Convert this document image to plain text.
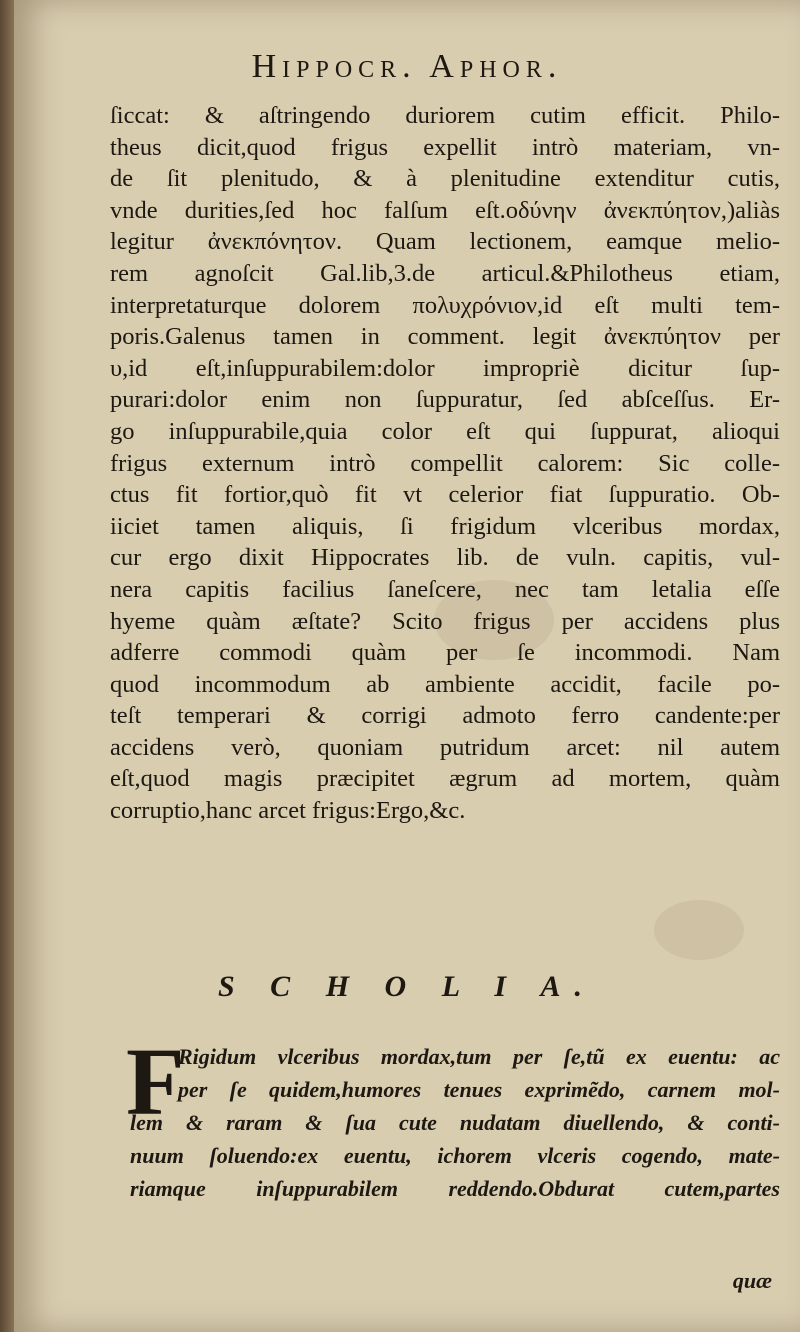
Hippocr. Aphor.
ſiccat: & aſtringendo duriorem cutim efficit. Philo-
theus dicit,quod frigus expellit intrò materiam, vn-
de ſit plenitudo, & à plenitudine extenditur cutis,
vnde durities,ſed hoc falſum eſt.οδύνην ἀνεκπύητον,)aliàs
legitur ἀνεκπόνητον. Quam lectionem, eamque melio-
rem agnoſcit Gal.lib,3.de articul.&Philotheus etiam,
interpretaturque dolorem πολυχρόνιον,id eſt multi tem-
poris.Galenus tamen in comment. legit ἀνεκπύητον per
υ,id eſt,inſuppurabilem:dolor impropriè dicitur ſup-
purari:dolor enim non ſuppuratur, ſed abſceſſus. Er-
go inſuppurabile,quia color eſt qui ſuppurat, alioqui
frigus externum intrò compellit calorem: Sic colle-
ctus fit fortior,quò fit vt celerior fiat ſuppuratio. Ob-
iiciet tamen aliquis, ſi frigidum vlceribus mordax,
cur ergo dixit Hippocrates lib. de vuln. capitis, vul-
nera capitis facilius ſaneſcere, nec tam letalia eſſe
hyeme quàm æſtate? Scito frigus per accidens plus
adferre commodi quàm per ſe incommodi. Nam
quod incommodum ab ambiente accidit, facile po-
teſt temperari & corrigi admoto ferro candente:per
accidens verò, quoniam putridum arcet: nil autem
eſt,quod magis præcipitet ægrum ad mortem, quàm
corruptio,hanc arcet frigus:Ergo,&c.
S C H O L I A.
F
Rigidum vlceribus mordax,tum per ſe,tũ ex euentu: ac
per ſe quidem,humores tenues exprimẽdo, carnem mol-
lem & raram & ſua cute nudatam diuellendo, & conti-
nuum ſoluendo:ex euentu, ichorem vlceris cogendo, mate-
riamque inſuppurabilem reddendo.Obdurat cutem,partes
quæ
